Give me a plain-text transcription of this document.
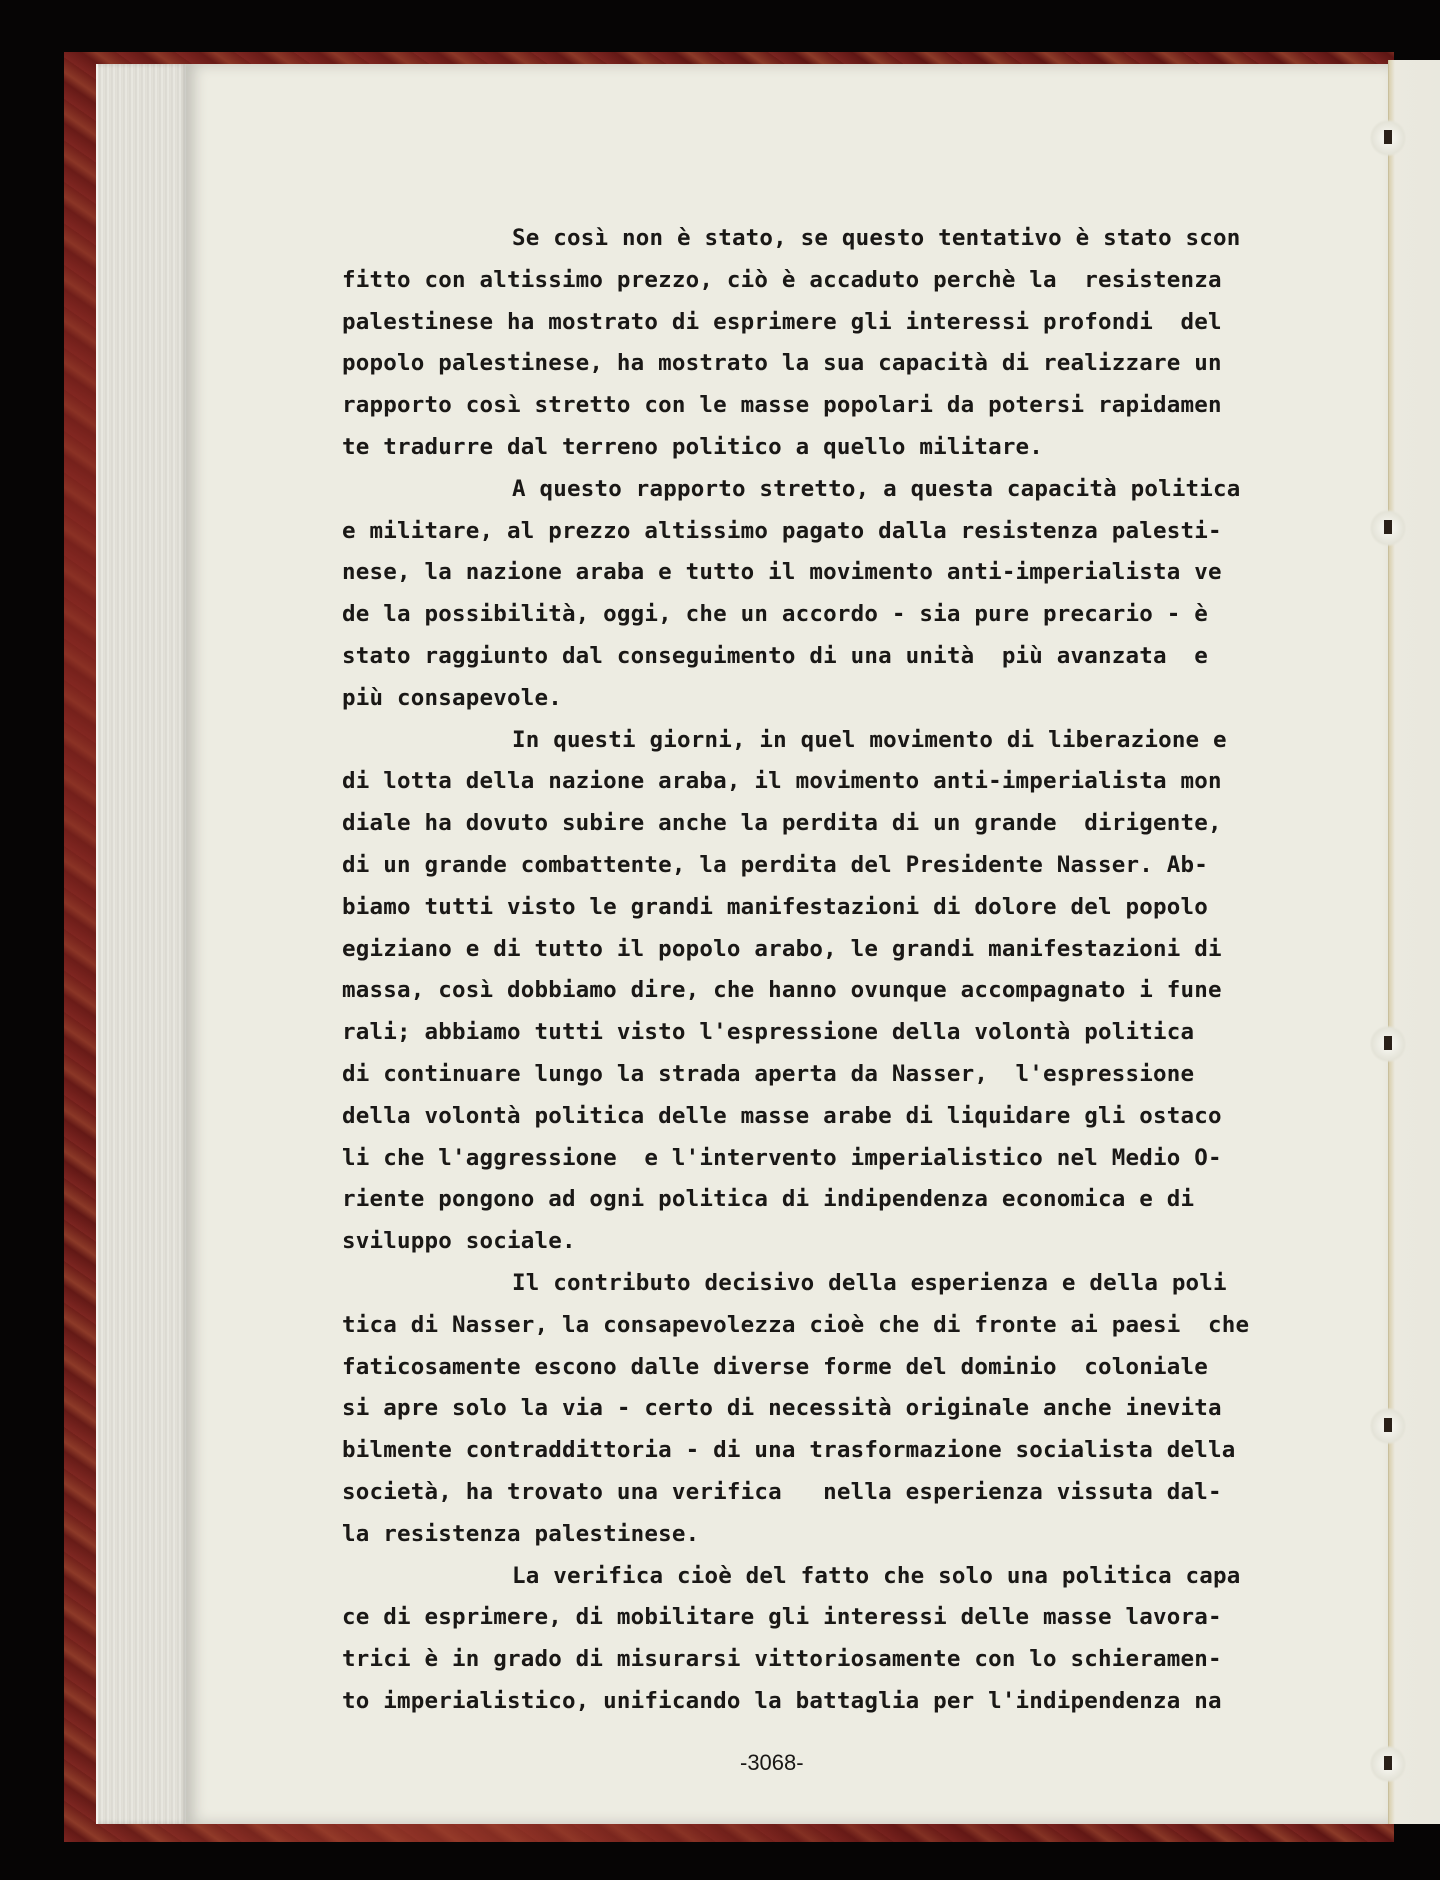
Se così non è stato, se questo tentativo è stato scon
fitto con altissimo prezzo, ciò è accaduto perchè la  resistenza
palestinese ha mostrato di esprimere gli interessi profondi  del
popolo palestinese, ha mostrato la sua capacità di realizzare un
rapporto così stretto con le masse popolari da potersi rapidamen
te tradurre dal terreno politico a quello militare.
A questo rapporto stretto, a questa capacità politica
e militare, al prezzo altissimo pagato dalla resistenza palesti-
nese, la nazione araba e tutto il movimento anti-imperialista ve
de la possibilità, oggi, che un accordo - sia pure precario - è
stato raggiunto dal conseguimento di una unità  più avanzata  e
più consapevole.
In questi giorni, in quel movimento di liberazione e
di lotta della nazione araba, il movimento anti-imperialista mon
diale ha dovuto subire anche la perdita di un grande  dirigente,
di un grande combattente, la perdita del Presidente Nasser. Ab-
biamo tutti visto le grandi manifestazioni di dolore del popolo
egiziano e di tutto il popolo arabo, le grandi manifestazioni di
massa, così dobbiamo dire, che hanno ovunque accompagnato i fune
rali; abbiamo tutti visto l'espressione della volontà politica
di continuare lungo la strada aperta da Nasser,  l'espressione
della volontà politica delle masse arabe di liquidare gli ostaco
li che l'aggressione  e l'intervento imperialistico nel Medio O-
riente pongono ad ogni politica di indipendenza economica e di
sviluppo sociale.
Il contributo decisivo della esperienza e della poli
tica di Nasser, la consapevolezza cioè che di fronte ai paesi  che
faticosamente escono dalle diverse forme del dominio  coloniale
si apre solo la via - certo di necessità originale anche inevita
bilmente contraddittoria - di una trasformazione socialista della
società, ha trovato una verifica   nella esperienza vissuta dal-
la resistenza palestinese.
La verifica cioè del fatto che solo una politica capa
ce di esprimere, di mobilitare gli interessi delle masse lavora-
trici è in grado di misurarsi vittoriosamente con lo schieramen-
to imperialistico, unificando la battaglia per l'indipendenza na
-3068-
